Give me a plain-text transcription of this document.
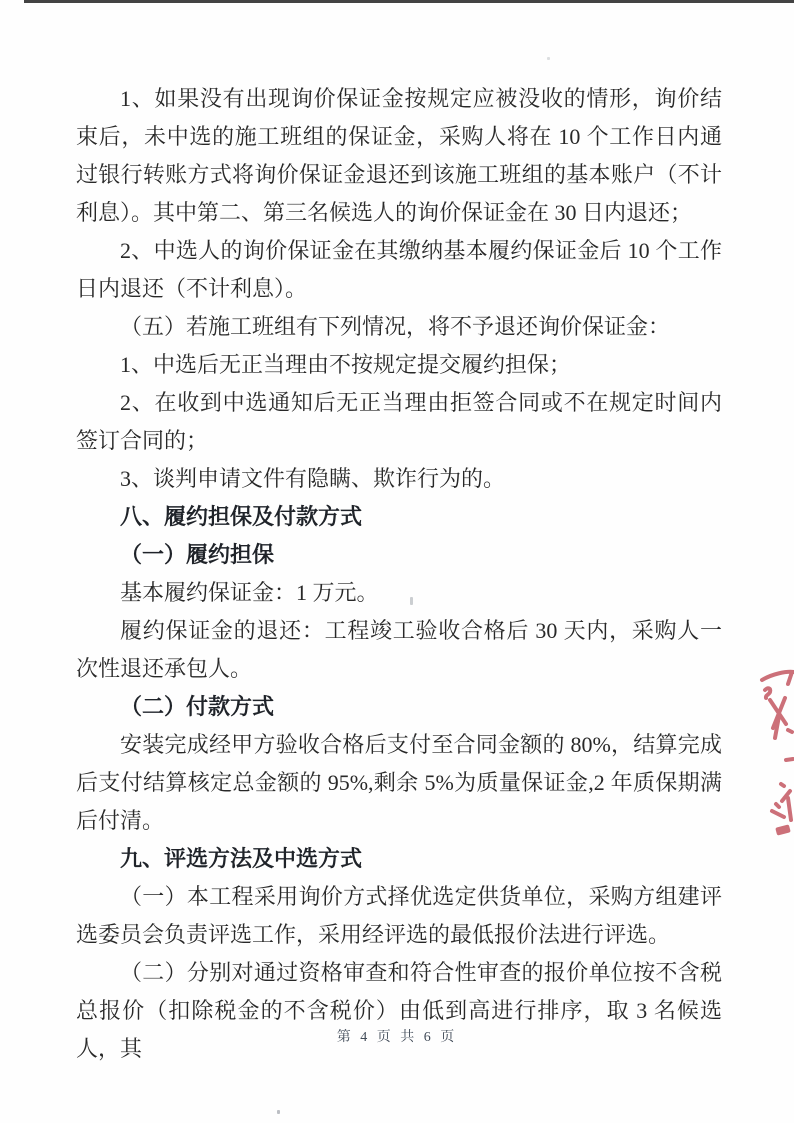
1、如果没有出现询价保证金按规定应被没收的情形，询价结束后，未中选的施工班组的保证金，采购人将在 10 个工作日内通过银行转账方式将询价保证金退还到该施工班组的基本账户（不计利息）。其中第二、第三名候选人的询价保证金在 30 日内退还；

2、中选人的询价保证金在其缴纳基本履约保证金后 10 个工作日内退还（不计利息）。

（五）若施工班组有下列情况，将不予退还询价保证金：

1、中选后无正当理由不按规定提交履约担保；

2、在收到中选通知后无正当理由拒签合同或不在规定时间内签订合同的；

3、谈判申请文件有隐瞒、欺诈行为的。

八、履约担保及付款方式

（一）履约担保

基本履约保证金：1 万元。

履约保证金的退还：工程竣工验收合格后 30 天内，采购人一次性退还承包人。

（二）付款方式

安装完成经甲方验收合格后支付至合同金额的 80%，结算完成后支付结算核定总金额的 95%,剩余 5%为质量保证金,2 年质保期满后付清。

九、评选方法及中选方式

（一）本工程采用询价方式择优选定供货单位，采购方组建评选委员会负责评选工作，采用经评选的最低报价法进行评选。

（二）分别对通过资格审查和符合性审查的报价单位按不含税总报价（扣除税金的不含税价）由低到高进行排序，取 3 名候选人，其	第 4 页 共 6 页
